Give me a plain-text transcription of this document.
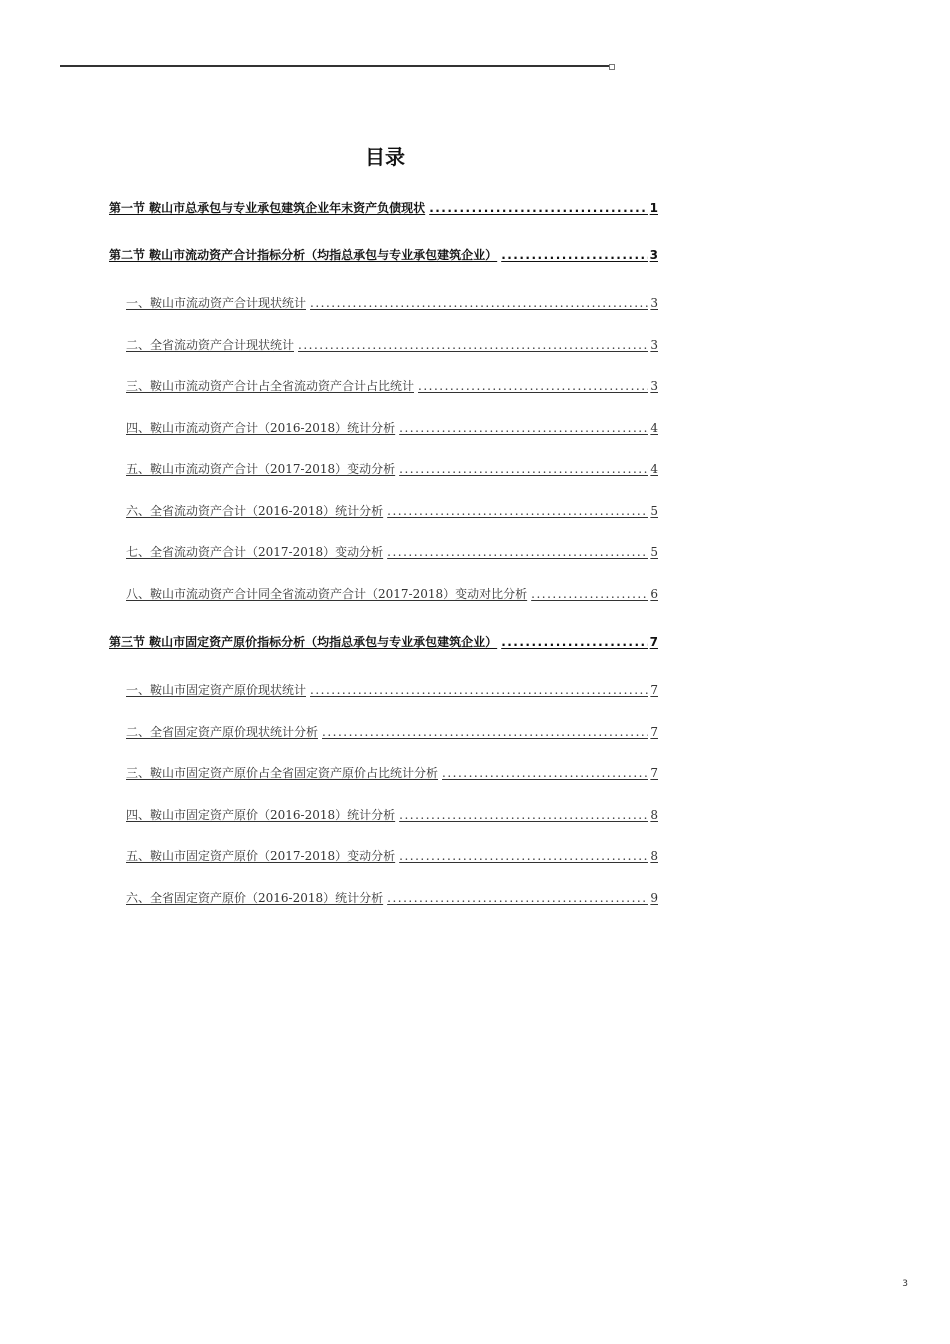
目录
第一节 鞍山市总承包与专业承包建筑企业年末资产负债现状 .....	1
第二节 鞍山市流动资产合计指标分析（均指总承包与专业承包建筑企业） .....	3
一、鞍山市流动资产合计现状统计 .....	3
二、全省流动资产合计现状统计 .....	3
三、鞍山市流动资产合计占全省流动资产合计占比统计 .....	3
四、鞍山市流动资产合计（2016-2018）统计分析 .....	4
五、鞍山市流动资产合计（2017-2018）变动分析 .....	4
六、全省流动资产合计（2016-2018）统计分析 .....	5
七、全省流动资产合计（2017-2018）变动分析 .....	5
八、鞍山市流动资产合计同全省流动资产合计（2017-2018）变动对比分析 .....	6
第三节 鞍山市固定资产原价指标分析（均指总承包与专业承包建筑企业） .....	7
一、鞍山市固定资产原价现状统计 .....	7
二、全省固定资产原价现状统计分析 .....	7
三、鞍山市固定资产原价占全省固定资产原价占比统计分析 .....	7
四、鞍山市固定资产原价（2016-2018）统计分析 .....	8
五、鞍山市固定资产原价（2017-2018）变动分析 .....	8
六、全省固定资产原价（2016-2018）统计分析 .....	9
3
